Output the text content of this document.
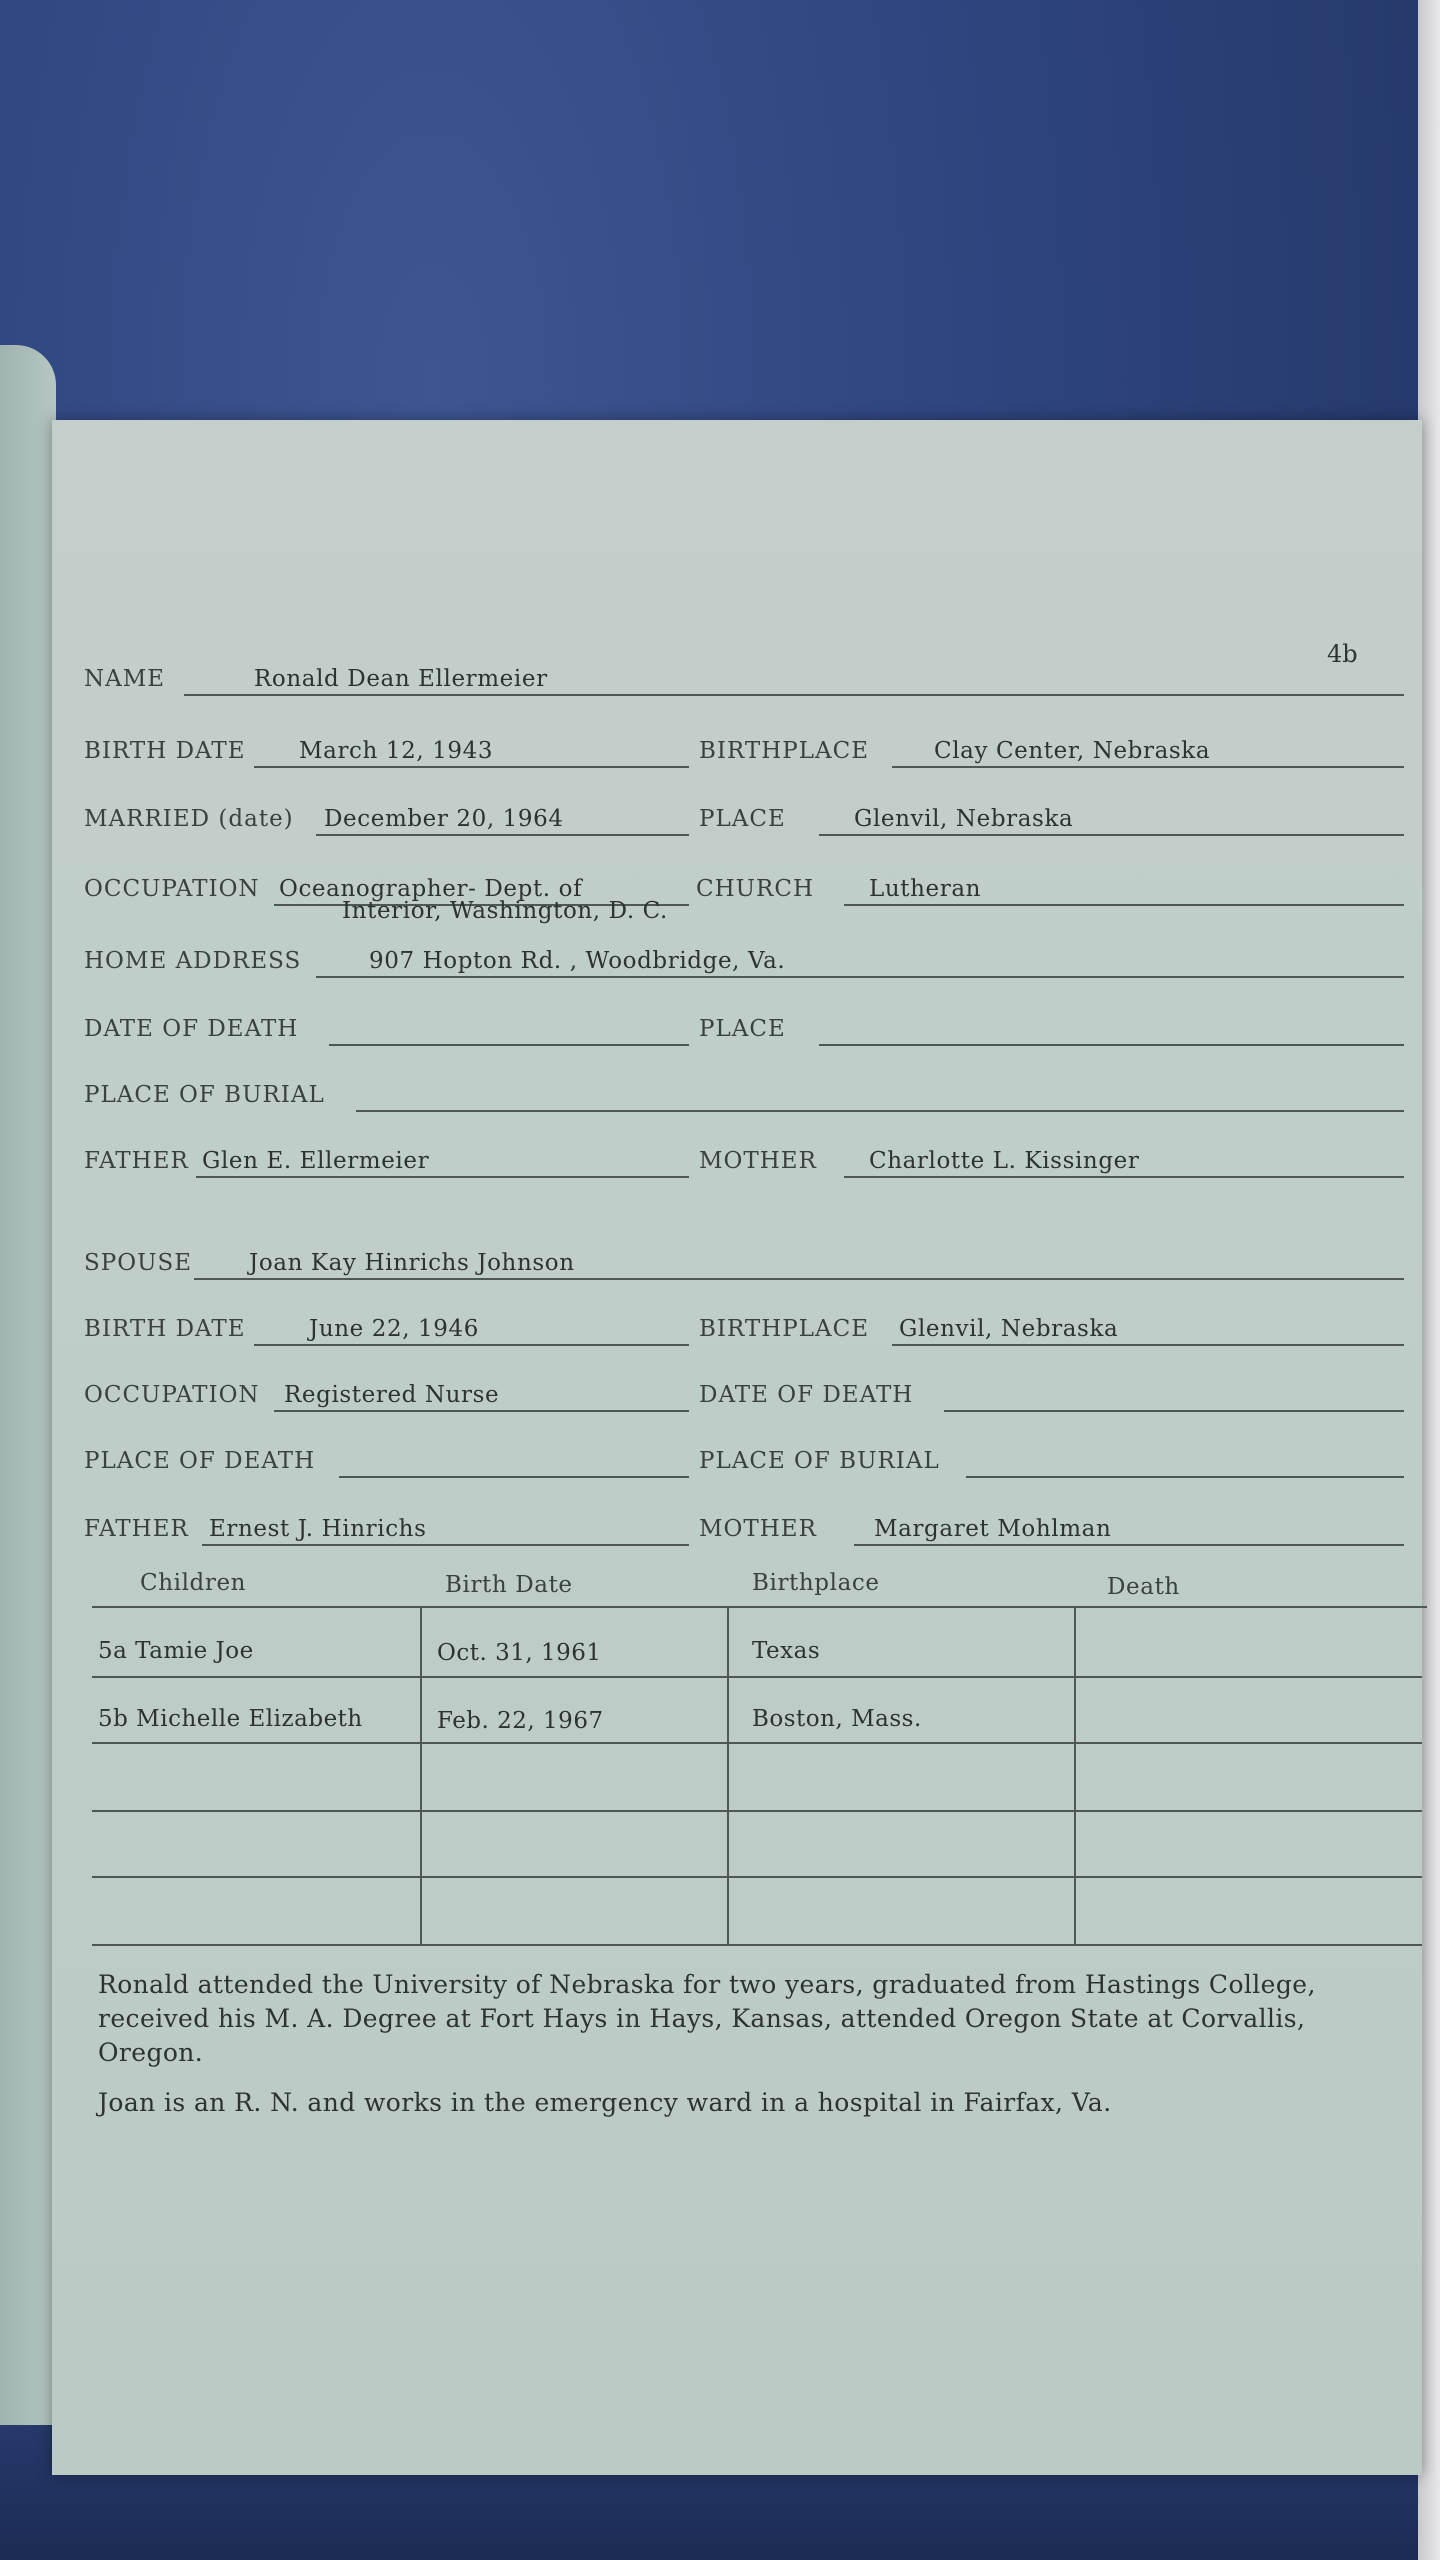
4b
NAME	Ronald Dean Ellermeier
BIRTH DATE March 12, 1943	BIRTHPLACE	Clay Center, Nebraska
MARRIED (date) December 20, 1964	PLACE	Glenvil, Nebraska
OCCUPATION Oceanographer- Dept. of	CHURCH Lutheran
Interior, Washington, D. C.
HOME ADDRESS	907 Hopton Rd. , Woodbridge, Va.
DATE OF DEATH	PLACE
PLACE OF BURIAL
FATHER Glen E. Ellermeier	MOTHER Charlotte L. Kissinger
SPOUSE Joan Kay Hinrichs Johnson
BIRTH DATE	June 22, 1946	BIRTHPLACE Glenvil, Nebraska
OCCUPATION Registered Nurse	DATE OF DEATH
PLACE OF DEATH	PLACE OF BURIAL
FATHER Ernest J. Hinrichs	MOTHER Margaret Mohlman
Children	Birth Date	Birthplace	Death
5a Tamie Joe	Oct. 31, 1961	Texas
5b Michelle Elizabeth	Feb. 22, 1967	Boston, Mass.
Ronald attended the University of Nebraska for two years, graduated from Hastings College, received his M. A. Degree at Fort Hays in Hays, Kansas, attended Oregon State at Corvallis, Oregon.
Joan is an R. N. and works in the emergency ward in a hospital in Fairfax, Va.
